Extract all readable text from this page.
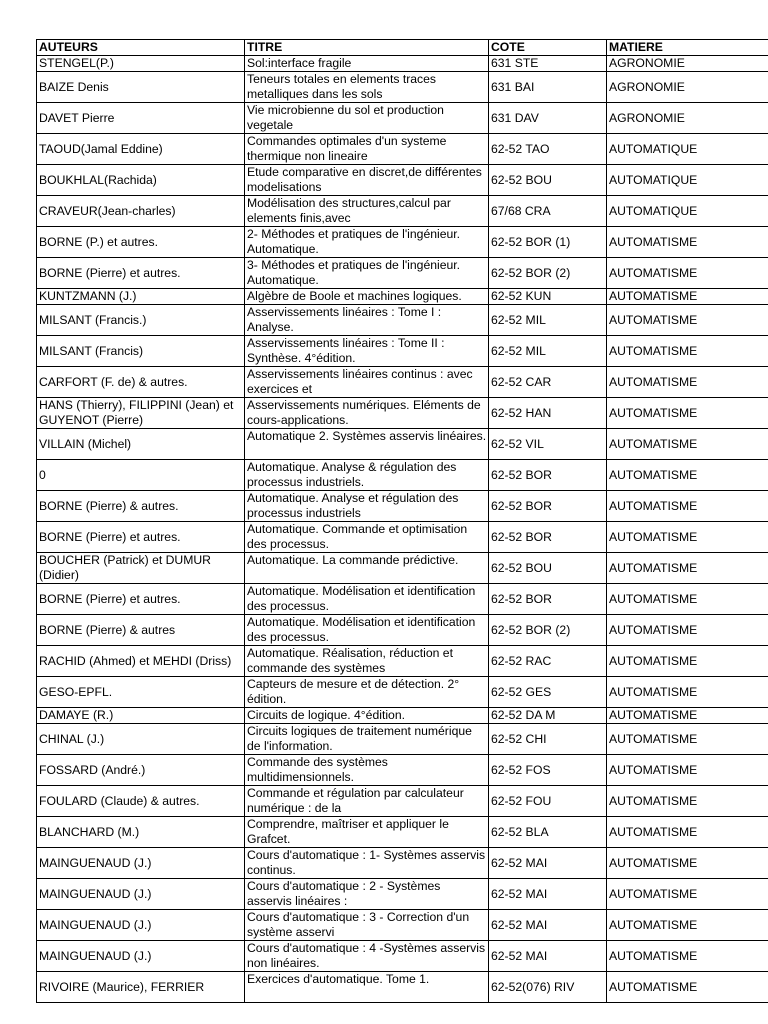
AUTEURS	TITRE	COTE	MATIERE
STENGEL(P.)	Sol:interface fragile	631 STE	AGRONOMIE
BAIZE Denis	Teneurs totales en elements traces metalliques dans les sols	631 BAI	AGRONOMIE
DAVET Pierre	Vie microbienne du sol et production vegetale	631 DAV	AGRONOMIE
TAOUD(Jamal Eddine)	Commandes optimales d'un systeme thermique non lineaire	62-52 TAO	AUTOMATIQUE
BOUKHLAL(Rachida)	Etude comparative en discret,de différentes modelisations	62-52 BOU	AUTOMATIQUE
CRAVEUR(Jean-charles)	Modélisation des structures,calcul par elements finis,avec	67/68 CRA	AUTOMATIQUE
BORNE (P.) et autres.	2- Méthodes et pratiques de l'ingénieur. Automatique.	62-52 BOR (1)	AUTOMATISME
BORNE (Pierre) et autres.	3- Méthodes et pratiques de l'ingénieur. Automatique.	62-52 BOR (2)	AUTOMATISME
KUNTZMANN (J.)	Algèbre de Boole et machines logiques.	62-52 KUN	AUTOMATISME
MILSANT (Francis.)	Asservissements linéaires : Tome I : Analyse.	62-52 MIL	AUTOMATISME
MILSANT (Francis)	Asservissements linéaires : Tome II : Synthèse. 4°édition.	62-52 MIL	AUTOMATISME
CARFORT (F. de) & autres.	Asservissements linéaires continus : avec exercices et	62-52 CAR	AUTOMATISME
HANS (Thierry), FILIPPINI (Jean) et GUYENOT (Pierre)	Asservissements numériques. Eléments de cours-applications.	62-52 HAN	AUTOMATISME
VILLAIN (Michel)	Automatique 2. Systèmes asservis linéaires.	62-52 VIL	AUTOMATISME
0	Automatique. Analyse & régulation des processus industriels.	62-52 BOR	AUTOMATISME
BORNE (Pierre) & autres.	Automatique. Analyse et régulation des processus industriels	62-52 BOR	AUTOMATISME
BORNE (Pierre) et autres.	Automatique. Commande et optimisation des processus.	62-52 BOR	AUTOMATISME
BOUCHER (Patrick) et DUMUR (Didier)	Automatique. La commande prédictive.	62-52 BOU	AUTOMATISME
BORNE (Pierre) et autres.	Automatique. Modélisation et identification des processus.	62-52 BOR	AUTOMATISME
BORNE (Pierre) & autres	Automatique. Modélisation et identification des processus.	62-52 BOR (2)	AUTOMATISME
RACHID (Ahmed) et MEHDI (Driss)	Automatique. Réalisation, réduction et commande des systèmes	62-52 RAC	AUTOMATISME
GESO-EPFL.	Capteurs de mesure et de détection. 2° édition.	62-52 GES	AUTOMATISME
DAMAYE (R.)	Circuits de logique. 4°édition.	62-52 DA M	AUTOMATISME
CHINAL (J.)	Circuits logiques de traitement numérique de l'information.	62-52 CHI	AUTOMATISME
FOSSARD (André.)	Commande des systèmes multidimensionnels.	62-52 FOS	AUTOMATISME
FOULARD (Claude) & autres.	Commande et régulation par calculateur numérique : de la	62-52 FOU	AUTOMATISME
BLANCHARD (M.)	Comprendre, maîtriser et appliquer le Grafcet.	62-52 BLA	AUTOMATISME
MAINGUENAUD (J.)	Cours d'automatique : 1- Systèmes asservis continus.	62-52 MAI	AUTOMATISME
MAINGUENAUD (J.)	Cours d'automatique : 2 - Systèmes asservis linéaires :	62-52 MAI	AUTOMATISME
MAINGUENAUD (J.)	Cours d'automatique : 3 - Correction d'un système asservi	62-52 MAI	AUTOMATISME
MAINGUENAUD (J.)	Cours d'automatique : 4 -Systèmes asservis non linéaires.	62-52 MAI	AUTOMATISME
RIVOIRE (Maurice), FERRIER	Exercices d'automatique. Tome 1.	62-52(076) RIV	AUTOMATISME
